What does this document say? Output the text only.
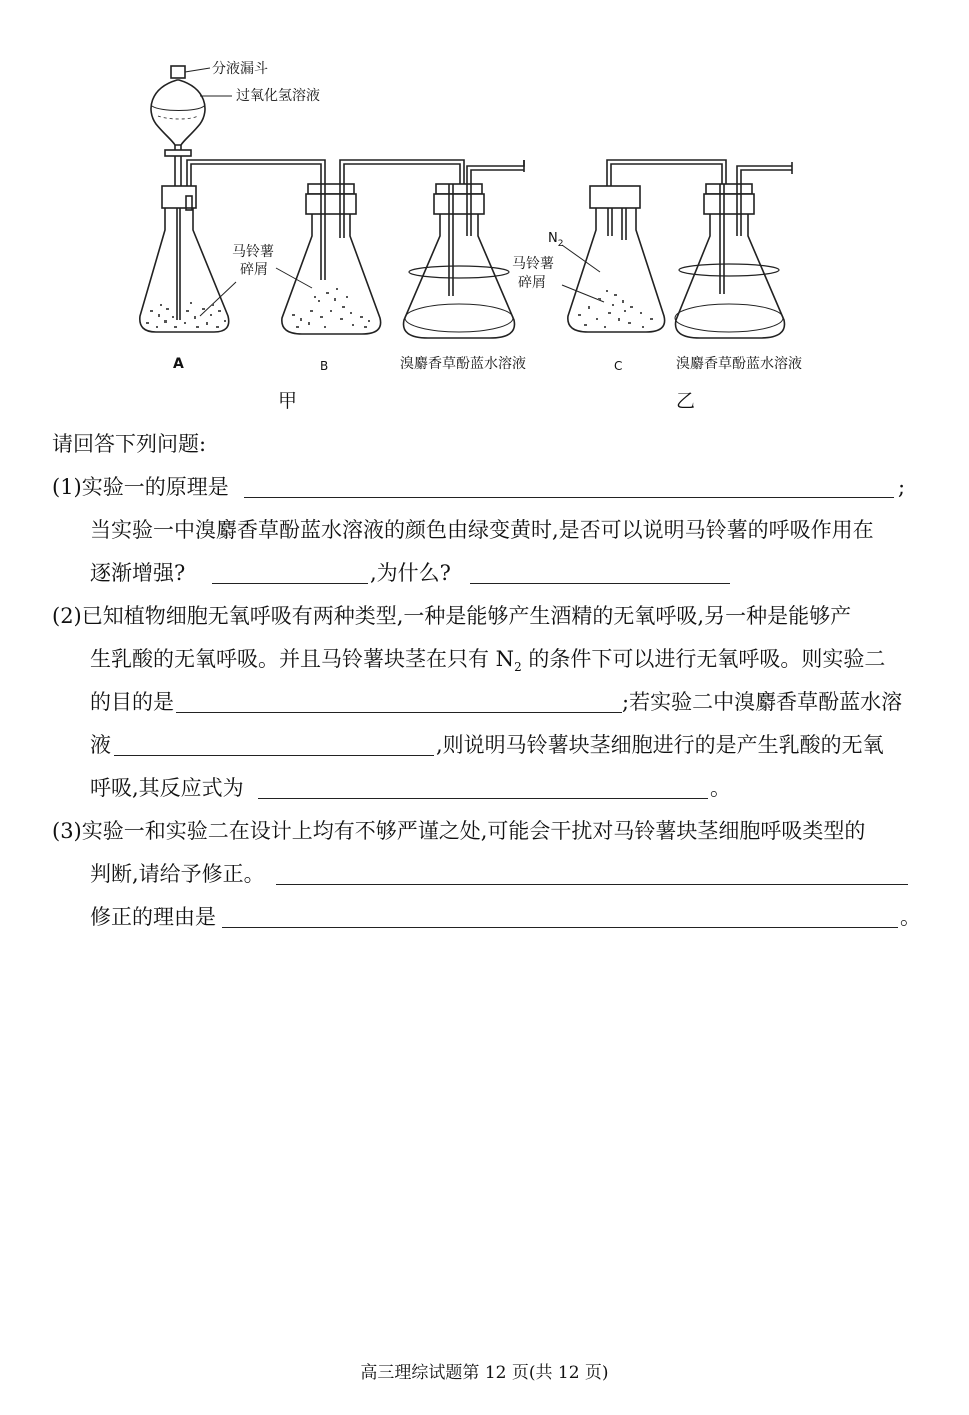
分液漏斗
过氧化氢溶液
马铃薯
碎屑
$N_2$
马铃薯
碎屑
A	B	溴麝香草酚蓝水溶液	C	溴麝香草酚蓝水溶液
甲	乙
请回答下列问题:
(1)实验一的原理是	;
当实验一中溴麝香草酚蓝水溶液的颜色由绿变黄时,是否可以说明马铃薯的呼吸作用在
逐渐增强?	,为什么?
(2)已知植物细胞无氧呼吸有两种类型,一种是能够产生酒精的无氧呼吸,另一种是能够产
生乳酸的无氧呼吸。并且马铃薯块茎在只有 $N_2$ 的条件下可以进行无氧呼吸。则实验二
的目的是	;若实验二中溴麝香草酚蓝水溶
液	,则说明马铃薯块茎细胞进行的是产生乳酸的无氧
呼吸,其反应式为	。
(3)实验一和实验二在设计上均有不够严谨之处,可能会干扰对马铃薯块茎细胞呼吸类型的
判断,请给予修正。
修正的理由是	。
高三理综试题第 12 页(共 12 页)
